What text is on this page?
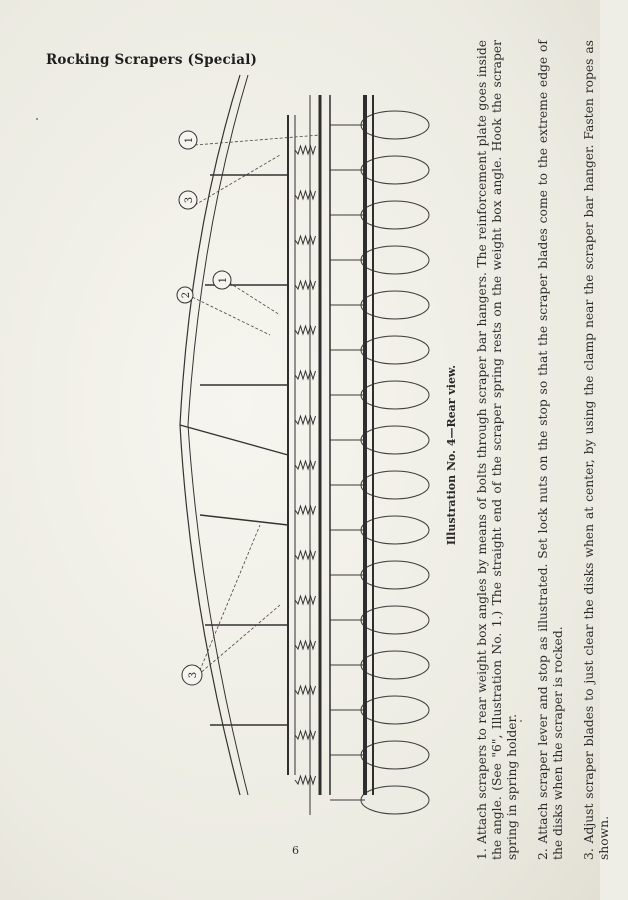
Rocking Scrapers (Special)
1
3
2
3
1
Illustration No. 4—Rear view.

1. Attach scrapers to rear weight box angles by means of bolts through scraper bar hangers. The reinforcement plate goes inside the angle. (See "6", Illustration No. 1.) The straight end of the scraper spring rests on the weight box angle. Hook the scraper spring in spring holder. 2. Attach scraper lever and stop as illustrated. Set lock nuts on the stop so that the scraper blades come to the extreme edge of the disks when the scraper is rocked. 3. Adjust scraper blades to just clear the disks when at center, by using the clamp near the scraper bar hanger. Fasten ropes as shown.

6
